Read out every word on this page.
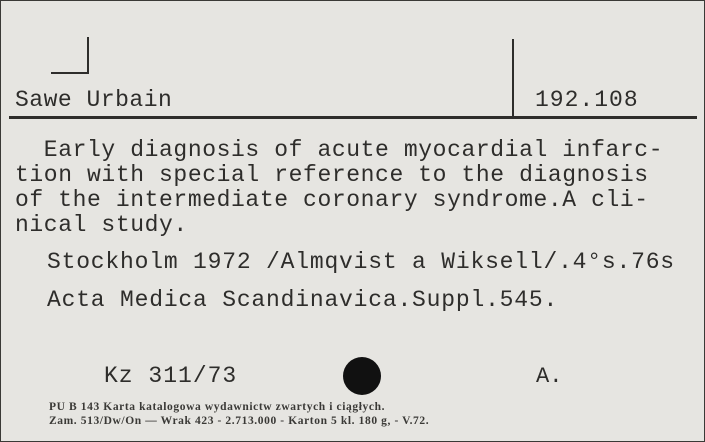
Sawe Urbain	192.108
Early diagnosis of acute myocardial infarc-
tion with special reference to the diagnosis
of the intermediate coronary syndrome.A cli-
nical study.
Stockholm 1972 /Almqvist a Wiksell/.4°s.76s
Acta Medica Scandinavica.Suppl.545.
Kz 311/73	A.
PU B 143 Karta katalogowa wydawnictw zwartych i ciągłych.
Zam. 513/Dw/On — Wrak 423 - 2.713.000 - Karton 5 kl. 180 g, - V.72.
